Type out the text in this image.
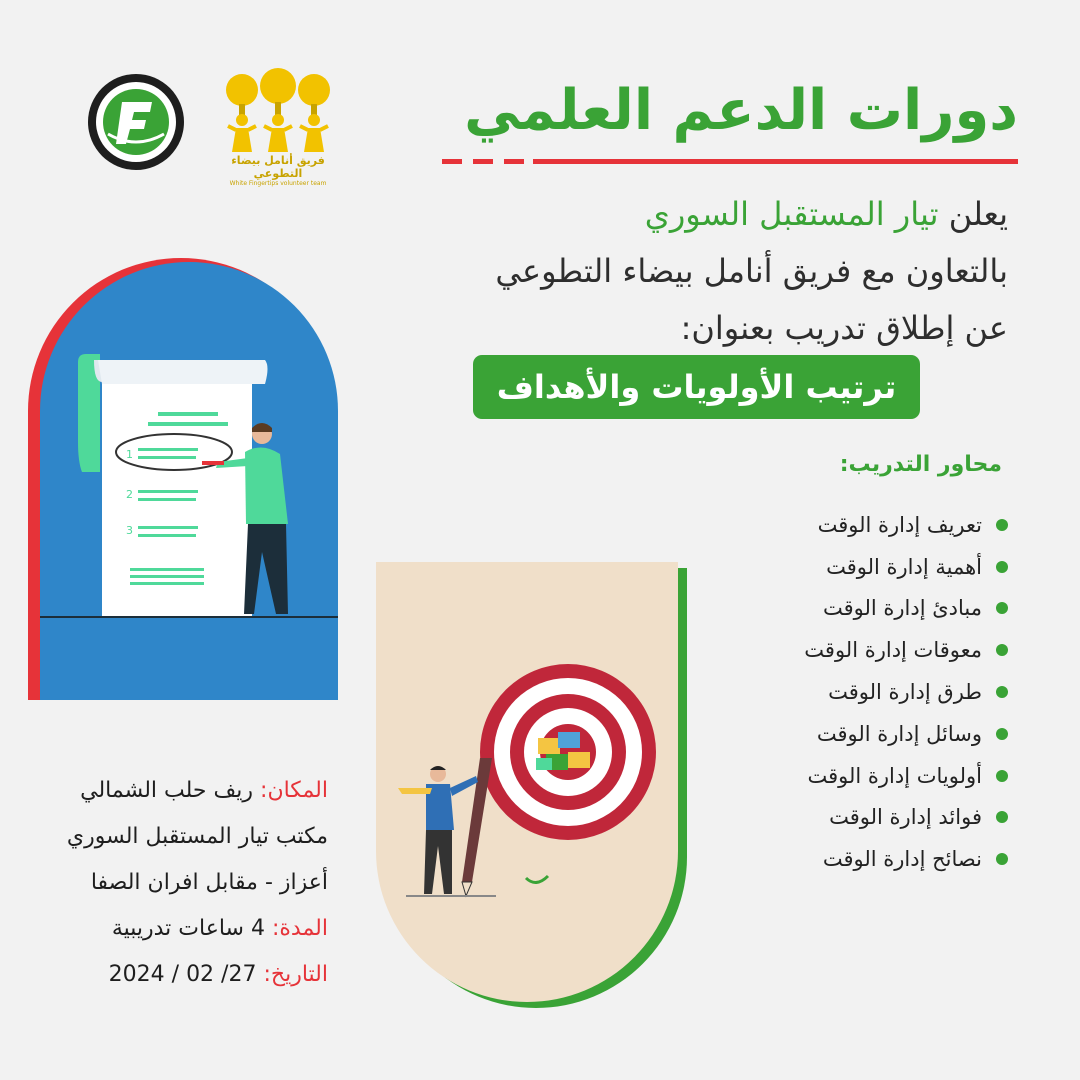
فريق أنامل بيضاء التطوعي
White Fingertips volunteer team
دورات الدعم العلمي
يعلن تيار المستقبل السوري
بالتعاون مع فريق أنامل بيضاء التطوعي
عن إطلاق تدريب بعنوان:
ترتيب الأولويات والأهداف
محاور التدريب:
تعريف إدارة الوقت
أهمية إدارة الوقت
مبادئ إدارة الوقت
معوقات إدارة الوقت
طرق إدارة الوقت
وسائل إدارة الوقت
أولويات إدارة الوقت
فوائد إدارة الوقت
نصائح إدارة الوقت
1
2
3
المكان: ريف حلب الشمالي
مكتب تيار المستقبل السوري
أعزاز - مقابل افران الصفا
المدة: 4 ساعات تدريبية
التاريخ: 27/ 02 / 2024
